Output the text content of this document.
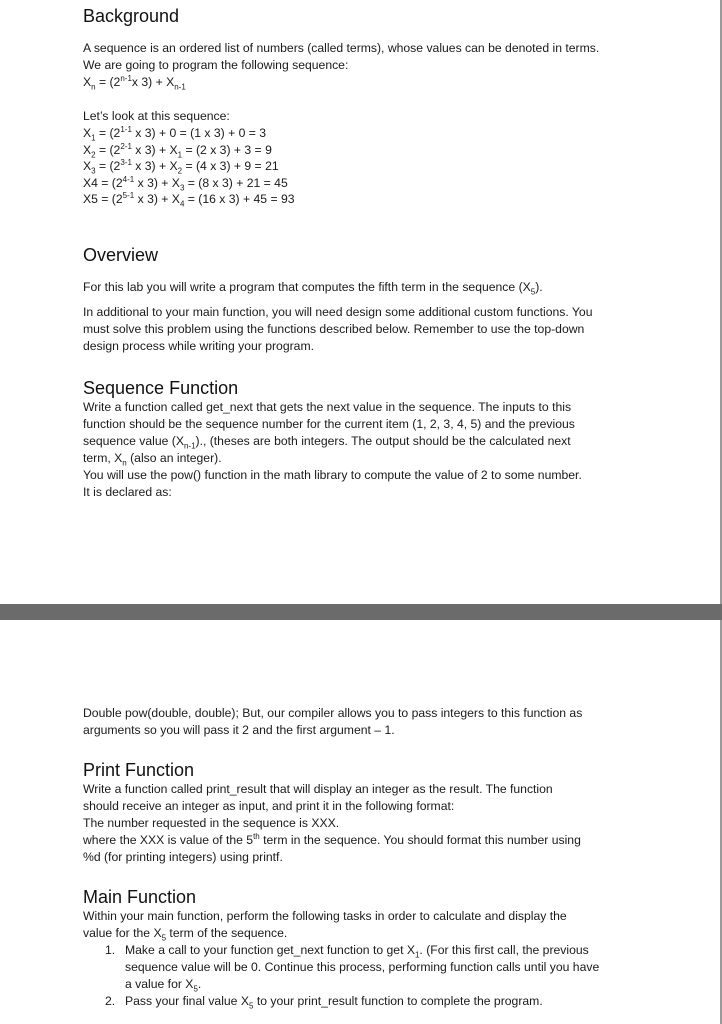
Background

A sequence is an ordered list of numbers (called terms), whose values can be denoted in terms.

We are going to program the following sequence:

$X_n = (2^{n-1}x$ $3) + X_{n-1}$

Let’s look at this sequence:

$X_1 = (2^{1-1}$ x 3) + 0 = (1 x 3) + 0 = 3

$X_2 = (2^{2-1}$ x $3) + X_1 = (2$ x 3) + 3 = 9

$X_3 = (2^{3-1}$ x $3) + X_2 = (4$ x 3) + 9 = 21

$X4 = (2^{4-1}$ x $3) + X_3 = (8$ x 3) + 21 = 45

$X5 = (2^{5-1}$ x $3) + X_4 = (16$ x 3) + 45 = 93

Overview

For this lab you will write a program that computes the fifth term in the sequence $(X_5)$.

In additional to your main function, you will need design some additional custom functions. You

must solve this problem using the functions described below. Remember to use the top-down

design process while writing your program.

Sequence Function

Write a function called get_next that gets the next value in the sequence. The inputs to this

function should be the sequence number for the current item (1, 2, 3, 4, 5) and the previous

sequence value $(X_{n-1})$., (theses are both integers. The output should be the calculated next

term, $X_n$ (also an integer).

You will use the pow() function in the math library to compute the value of 2 to some number.

It is declared as:

Double pow(double, double); But, our compiler allows you to pass integers to this function as

arguments so you will pass it 2 and the first argument – 1.

Print Function

Write a function called print_result that will display an integer as the result. The function

should receive an integer as input, and print it in the following format:

The number requested in the sequence is XXX.

where the XXX is value of the 5th term in the sequence. You should format this number using

%d (for printing integers) using printf.

Main Function

Within your main function, perform the following tasks in order to calculate and display the

value for the $X_5$ term of the sequence.

1. Make a call to your function get_next function to get $X_1$. (For this first call, the previous
sequence value will be 0. Continue this process, performing function calls until you have
a value for $X_5$.
2. Pass your final value $X_5$ to your print_result function to complete the program.
